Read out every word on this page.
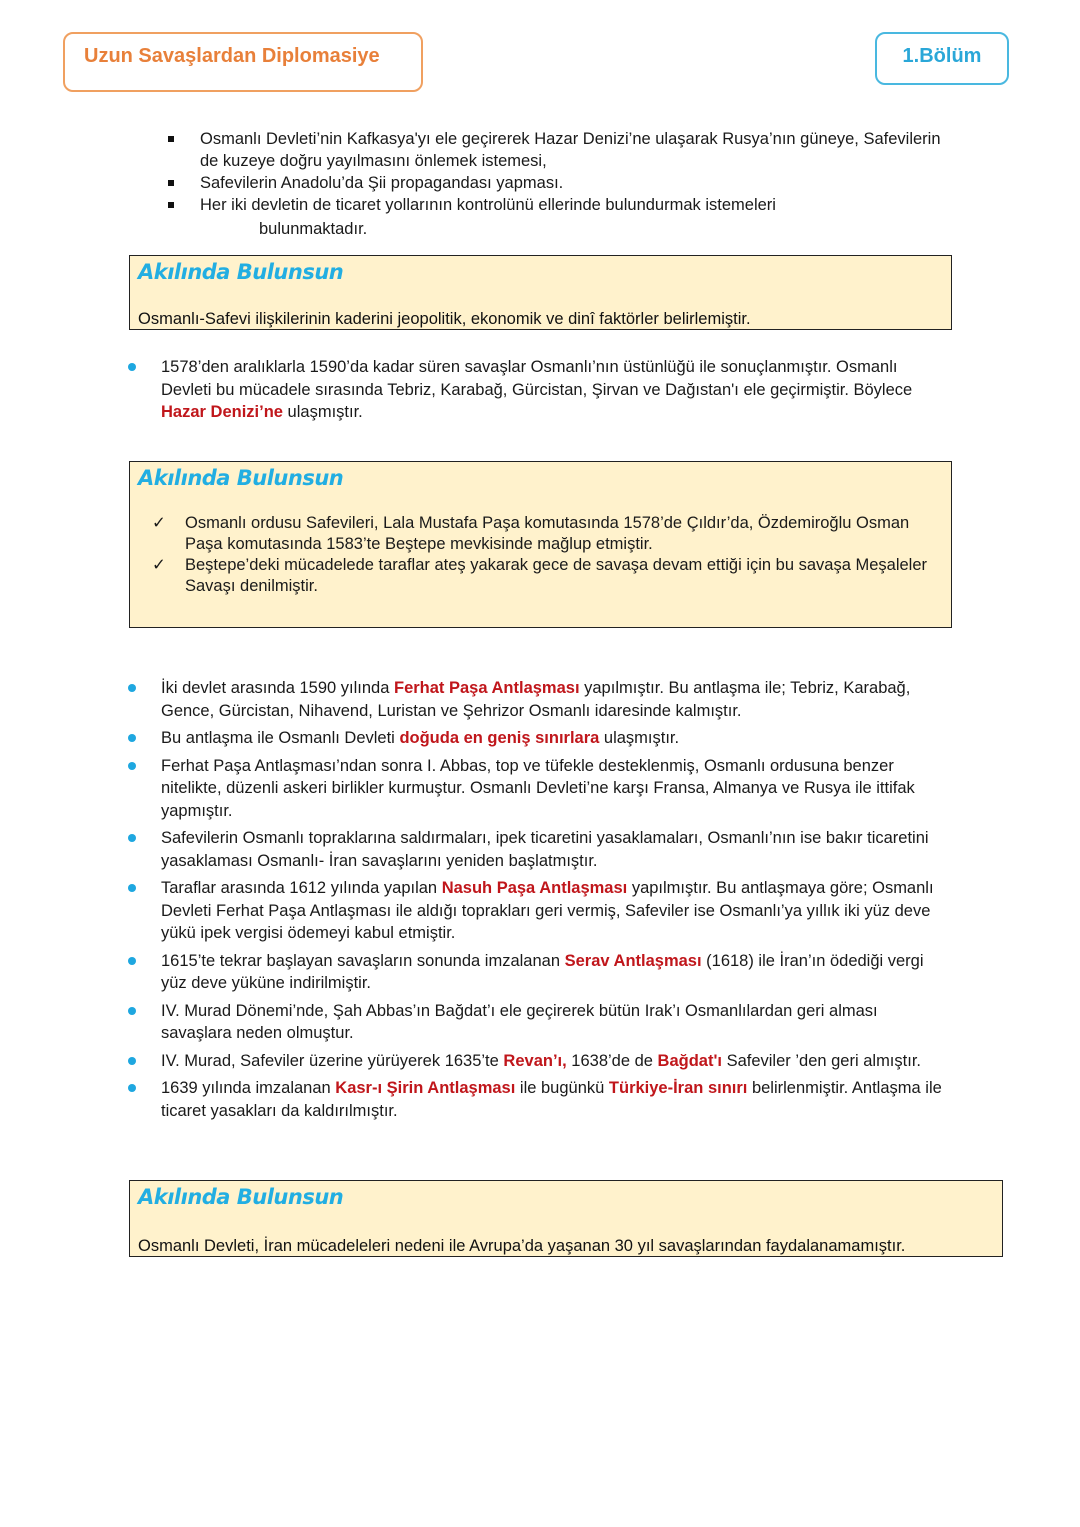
Uzun Savaşlardan Diplomasiye	1.Bölüm
Osmanlı Devleti’nin Kafkasya'yı ele geçirerek Hazar Denizi’ne ulaşarak Rusya’nın güneye, Safevilerin de kuzeye doğru yayılmasını önlemek istemesi,
Safevilerin Anadolu’da Şii propagandası yapması.
Her iki devletin de ticaret yollarının kontrolünü ellerinde bulundurmak istemeleri
bulunmaktadır.
Akılında Bulunsun
Osmanlı-Safevi ilişkilerinin kaderini jeopolitik, ekonomik ve dinî faktörler belirlemiştir.
1578’den aralıklarla 1590’da kadar süren savaşlar Osmanlı’nın üstünlüğü ile sonuçlanmıştır. Osmanlı Devleti bu mücadele sırasında Tebriz, Karabağ, Gürcistan, Şirvan ve Dağıstan'ı ele geçirmiştir. Böylece Hazar Denizi’ne ulaşmıştır.
Akılında Bulunsun
✓ Osmanlı ordusu Safevileri, Lala Mustafa Paşa komutasında 1578’de Çıldır’da, Özdemiroğlu Osman Paşa komutasında 1583’te Beştepe mevkisinde mağlup etmiştir.
✓ Beştepe’deki mücadelede taraflar ateş yakarak gece de savaşa devam ettiği için bu savaşa Meşaleler Savaşı denilmiştir.
İki devlet arasında 1590 yılında Ferhat Paşa Antlaşması yapılmıştır. Bu antlaşma ile; Tebriz, Karabağ, Gence, Gürcistan, Nihavend, Luristan ve Şehrizor Osmanlı idaresinde kalmıştır.
Bu antlaşma ile Osmanlı Devleti doğuda en geniş sınırlara ulaşmıştır.
Ferhat Paşa Antlaşması’ndan sonra I. Abbas, top ve tüfekle desteklenmiş, Osmanlı ordusuna benzer nitelikte, düzenli askeri birlikler kurmuştur. Osmanlı Devleti’ne karşı Fransa, Almanya ve Rusya ile ittifak yapmıştır.
Safevilerin Osmanlı topraklarına saldırmaları, ipek ticaretini yasaklamaları, Osmanlı’nın ise bakır ticaretini yasaklaması Osmanlı- İran savaşlarını yeniden başlatmıştır.
Taraflar arasında 1612 yılında yapılan Nasuh Paşa Antlaşması yapılmıştır. Bu antlaşmaya göre; Osmanlı Devleti Ferhat Paşa Antlaşması ile aldığı toprakları geri vermiş, Safeviler ise Osmanlı’ya yıllık iki yüz deve yükü ipek vergisi ödemeyi kabul etmiştir.
1615’te tekrar başlayan savaşların sonunda imzalanan Serav Antlaşması (1618) ile İran’ın ödediği vergi yüz deve yüküne indirilmiştir.
IV. Murad Dönemi’nde, Şah Abbas’ın Bağdat’ı ele geçirerek bütün Irak’ı Osmanlılardan geri alması savaşlara neden olmuştur.
IV. Murad, Safeviler üzerine yürüyerek 1635’te Revan’ı, 1638’de de Bağdat'ı Safeviler ’den geri almıştır.
1639 yılında imzalanan Kasr-ı Şirin Antlaşması ile bugünkü Türkiye-İran sınırı belirlenmiştir. Antlaşma ile ticaret yasakları da kaldırılmıştır.
Akılında Bulunsun
Osmanlı Devleti, İran mücadeleleri nedeni ile Avrupa’da yaşanan 30 yıl savaşlarından faydalanamamıştır.
